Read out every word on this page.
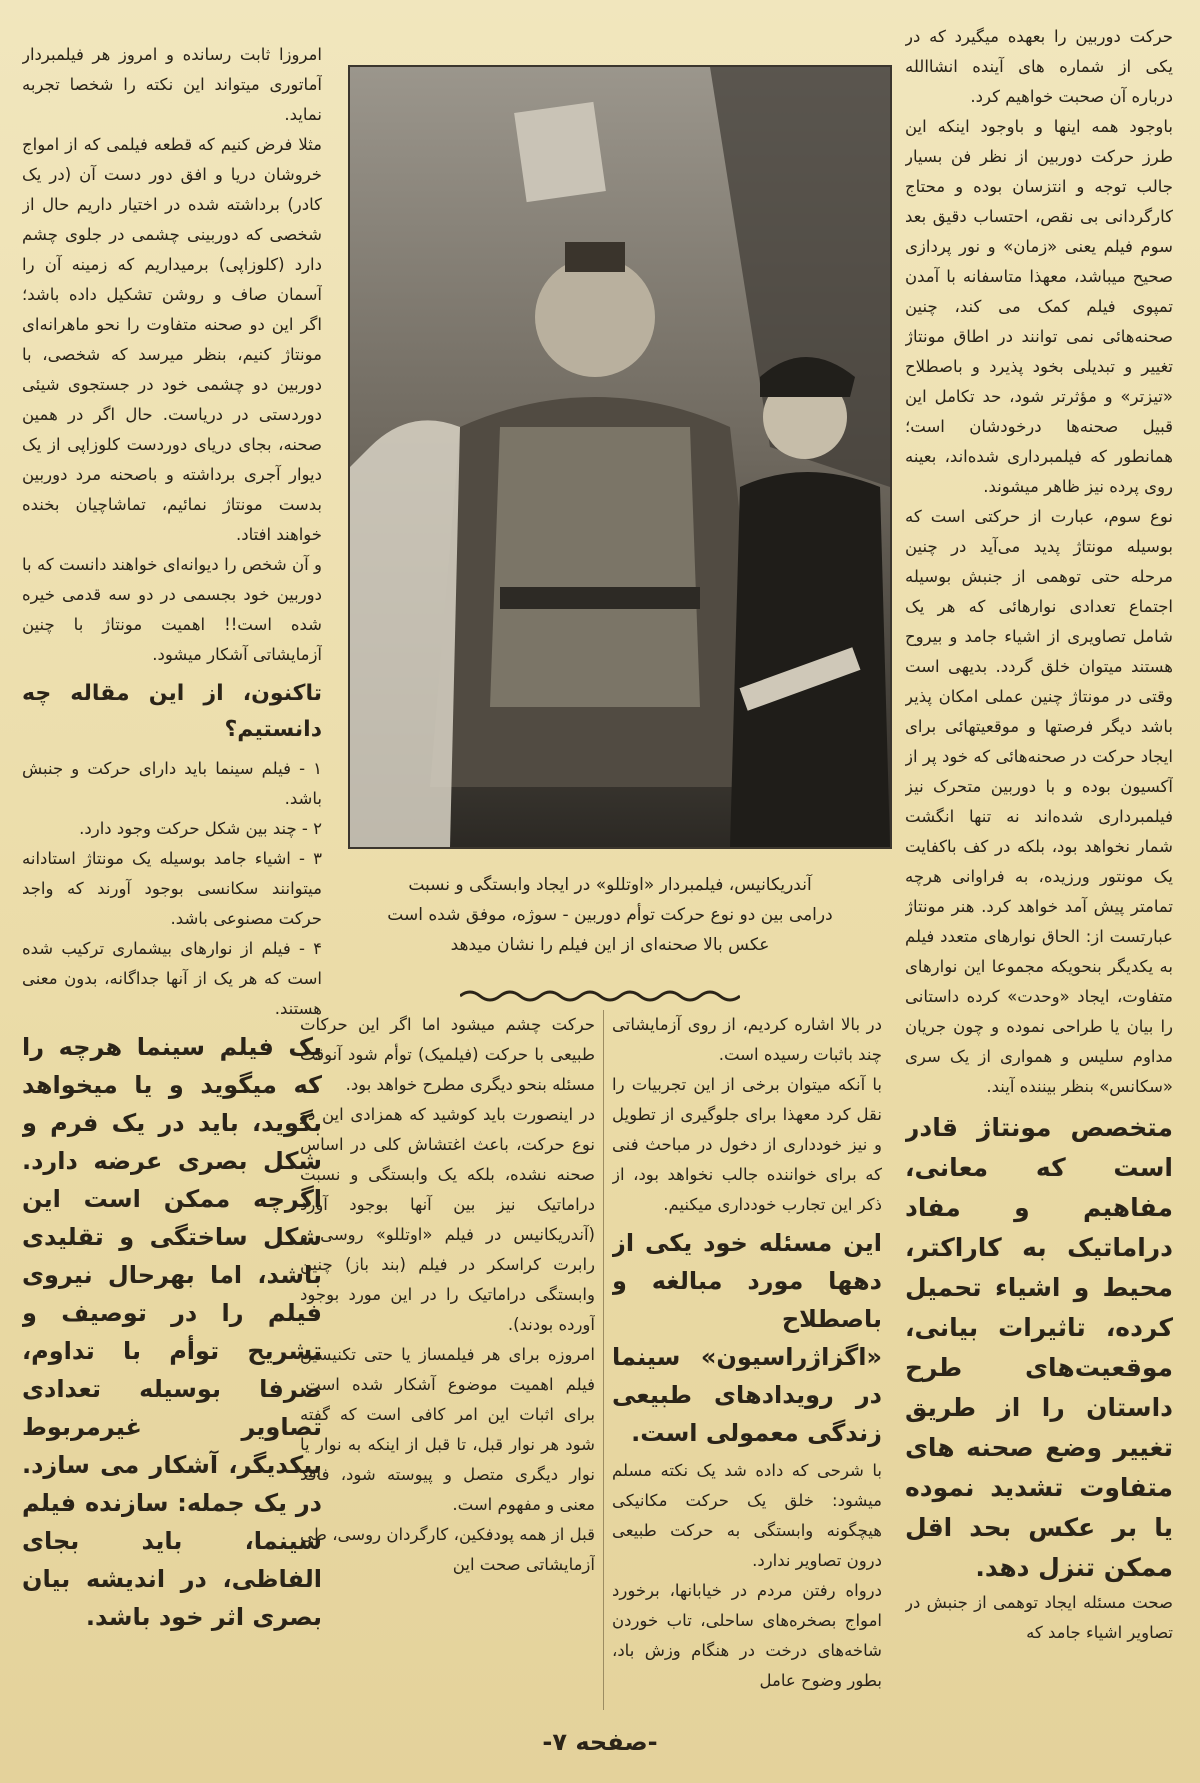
حرکت دوربین را بعهده میگیرد که در یکی از شماره های آینده انشاالله درباره آن صحبت خواهیم کرد.

باوجود همه اینها و باوجود اینکه این طرز حرکت دوربین از نظر فن بسیار جالب توجه و انتزسان بوده و محتاج کارگردانی بی نقص، احتساب دقیق بعد سوم فیلم یعنی «زمان» و نور پردازی صحیح میباشد، معهذا متاسفانه با آمدن تمپوی فیلم کمک می کند، چنین صحنه‌هائی نمی توانند در اطاق مونتاژ تغییر و تبدیلی بخود پذیرد و باصطلاح «تیزتر» و مؤثرتر شود، حد تکامل این قبیل صحنه‌ها درخودشان است؛ همانطور که فیلمبرداری شده‌اند، بعینه روی پرده نیز ظاهر میشوند.

نوع سوم، عبارت از حرکتی است که بوسیله مونتاژ پدید می‌آید در چنین مرحله حتی توهمی از جنبش بوسیله اجتماع تعدادی نوارهائی که هر یک شامل تصاویری از اشیاء جامد و بیروح هستند میتوان خلق گردد. بدیهی است وقتی در مونتاژ چنین عملی امکان پذیر باشد دیگر فرصتها و موقعیتهائی برای ایجاد حرکت در صحنه‌هائی که خود پر از آکسیون بوده و با دوربین متحرک نیز فیلمبرداری شده‌اند نه تنها انگشت شمار نخواهد بود، بلکه در کف باکفایت یک مونتور ورزیده، به فراوانی هرچه تمامتر پیش آمد خواهد کرد. هنر مونتاژ عبارتست از: الحاق نوارهای متعدد فیلم به یکدیگر بنحویکه مجموعا این نوارهای متفاوت، ایجاد «وحدت» کرده داستانی را بیان یا طراحی نموده و چون جریان مداوم سلیس و همواری از یک سری «سکانس» بنظر بیننده آیند.

متخصص مونتاژ قادر است که معانی، مفاهیم و مفاد دراماتیک به کاراکتر، محیط و اشیاء تحمیل کرده، تاثیرات بیانی، موقعیت‌های طرح داستان را از طریق تغییر وضع صحنه های متفاوت تشدید نموده یا بر عکس بحد اقل ممکن تنزل دهد.

صحت مسئله ایجاد توهمی از جنبش در تصاویر اشیاء جامد که

امروزا ثابت رسانده و امروز هر فیلمبردار آماتوری میتواند این نکته را شخصا تجربه نماید.

مثلا فرض کنیم که قطعه فیلمی که از امواج خروشان دریا و افق دور دست آن (در یک کادر) برداشته شده در اختیار داریم حال از شخصی که دوربینی چشمی در جلوی چشم دارد (کلوزاپی) برمیداریم که زمینه آن را آسمان صاف و روشن تشکیل داده باشد؛ اگر این دو صحنه متفاوت را نحو ماهرانه‌ای مونتاژ کنیم، بنظر میرسد که شخصی، با دوربین دو چشمی خود در جستجوی شیئی دوردستی در دریاست. حال اگر در همین صحنه، بجای دریای دوردست کلوزاپی از یک دیوار آجری برداشته و باصحنه مرد دوربین بدست مونتاژ نمائیم، تماشاچیان بخنده خواهند افتاد.

و آن شخص را دیوانه‌ای خواهند دانست که با دوربین خود بجسمی در دو سه قدمی خیره شده است!! اهمیت مونتاژ با چنین آزمایشاتی آشکار میشود.

تاکنون، از این مقاله چه دانستیم؟

۱ - فیلم سینما باید دارای حرکت و جنبش باشد.

۲ - چند بین شکل حرکت وجود دارد.

۳ - اشیاء جامد بوسیله یک مونتاژ استادانه میتوانند سکانسی بوجود آورند که واجد حرکت مصنوعی باشد.

۴ - فیلم از نوارهای بیشماری ترکیب شده است که هر یک از آنها جداگانه، بدون معنی هستند.

یک فیلم سینما هرچه را که میگوید و یا میخواهد بگوید، باید در یک فرم و شکل بصری عرضه دارد. اگرچه ممکن است این شکل ساختگی و تقلیدی باشد، اما بهرحال نیروی فیلم را در توصیف و تشریح توأم با تداوم، صرفا بوسیله تعدادی تصاویر غیرمربوط بیکدیگر، آشکار می سازد. در یک جمله: سازنده فیلم سینما، باید بجای الفاظی، در اندیشه بیان بصری اثر خود باشد.
آندریکانیس، فیلمبردار «اوتللو» در ایجاد وابستگی و نسبت
درامی بین دو نوع حرکت توأم دوربین - سوژه، موفق شده است
عکس بالا صحنه‌ای از این فیلم را نشان میدهد

در بالا اشاره کردیم، از روی آزمایشاتی چند باثبات رسیده است.

با آنکه میتوان برخی از این تجربیات را نقل کرد معهذا برای جلوگیری از تطویل و نیز خودداری از دخول در مباحث فنی که برای خواننده جالب نخواهد بود، از ذکر این تجارب خودداری میکنیم.

این مسئله خود یکی از دهها مورد مبالغه و باصطلاح «اگزاژراسیون» سینما در رویدادهای طبیعی زندگی معمولی است.

با شرحی که داده شد یک نکته مسلم میشود: خلق یک حرکت مکانیکی هیچگونه وابستگی به حرکت طبیعی درون تصاویر ندارد.

درواه رفتن مردم در خیابانها، برخورد امواج بصخره‌های ساحلی، تاب خوردن شاخه‌های درخت در هنگام وزش باد، بطور وضوح عامل

حرکت چشم میشود اما اگر این حرکات طبیعی با حرکت (فیلمیک) توأم شود آنوقت مسئله بنحو دیگری مطرح خواهد بود.

در اینصورت باید کوشید که همزادی این دو نوع حرکت، باعث اغتشاش کلی در اساس صحنه نشده، بلکه یک وابستگی و نسبت دراماتیک نیز بین آنها بوجود آورد (آندریکانیس در فیلم «اوتللو» روسی و رابرت کراسکر در فیلم (بند باز) چنین وابستگی دراماتیک را در این مورد بوجود آورده بودند).

امروزه برای هر فیلمساز یا حتی تکنیسین فیلم اهمیت موضوع آشکار شده است. برای اثبات این امر کافی است که گفته شود هر نوار قبل، تا قبل از اینکه به نوار یا نوار دیگری متصل و پیوسته شود، فاقد معنی و مفهوم است.

قبل از همه پودفکین، کارگردان روسی، طی آزمایشاتی صحت این

-صفحه ۷-
